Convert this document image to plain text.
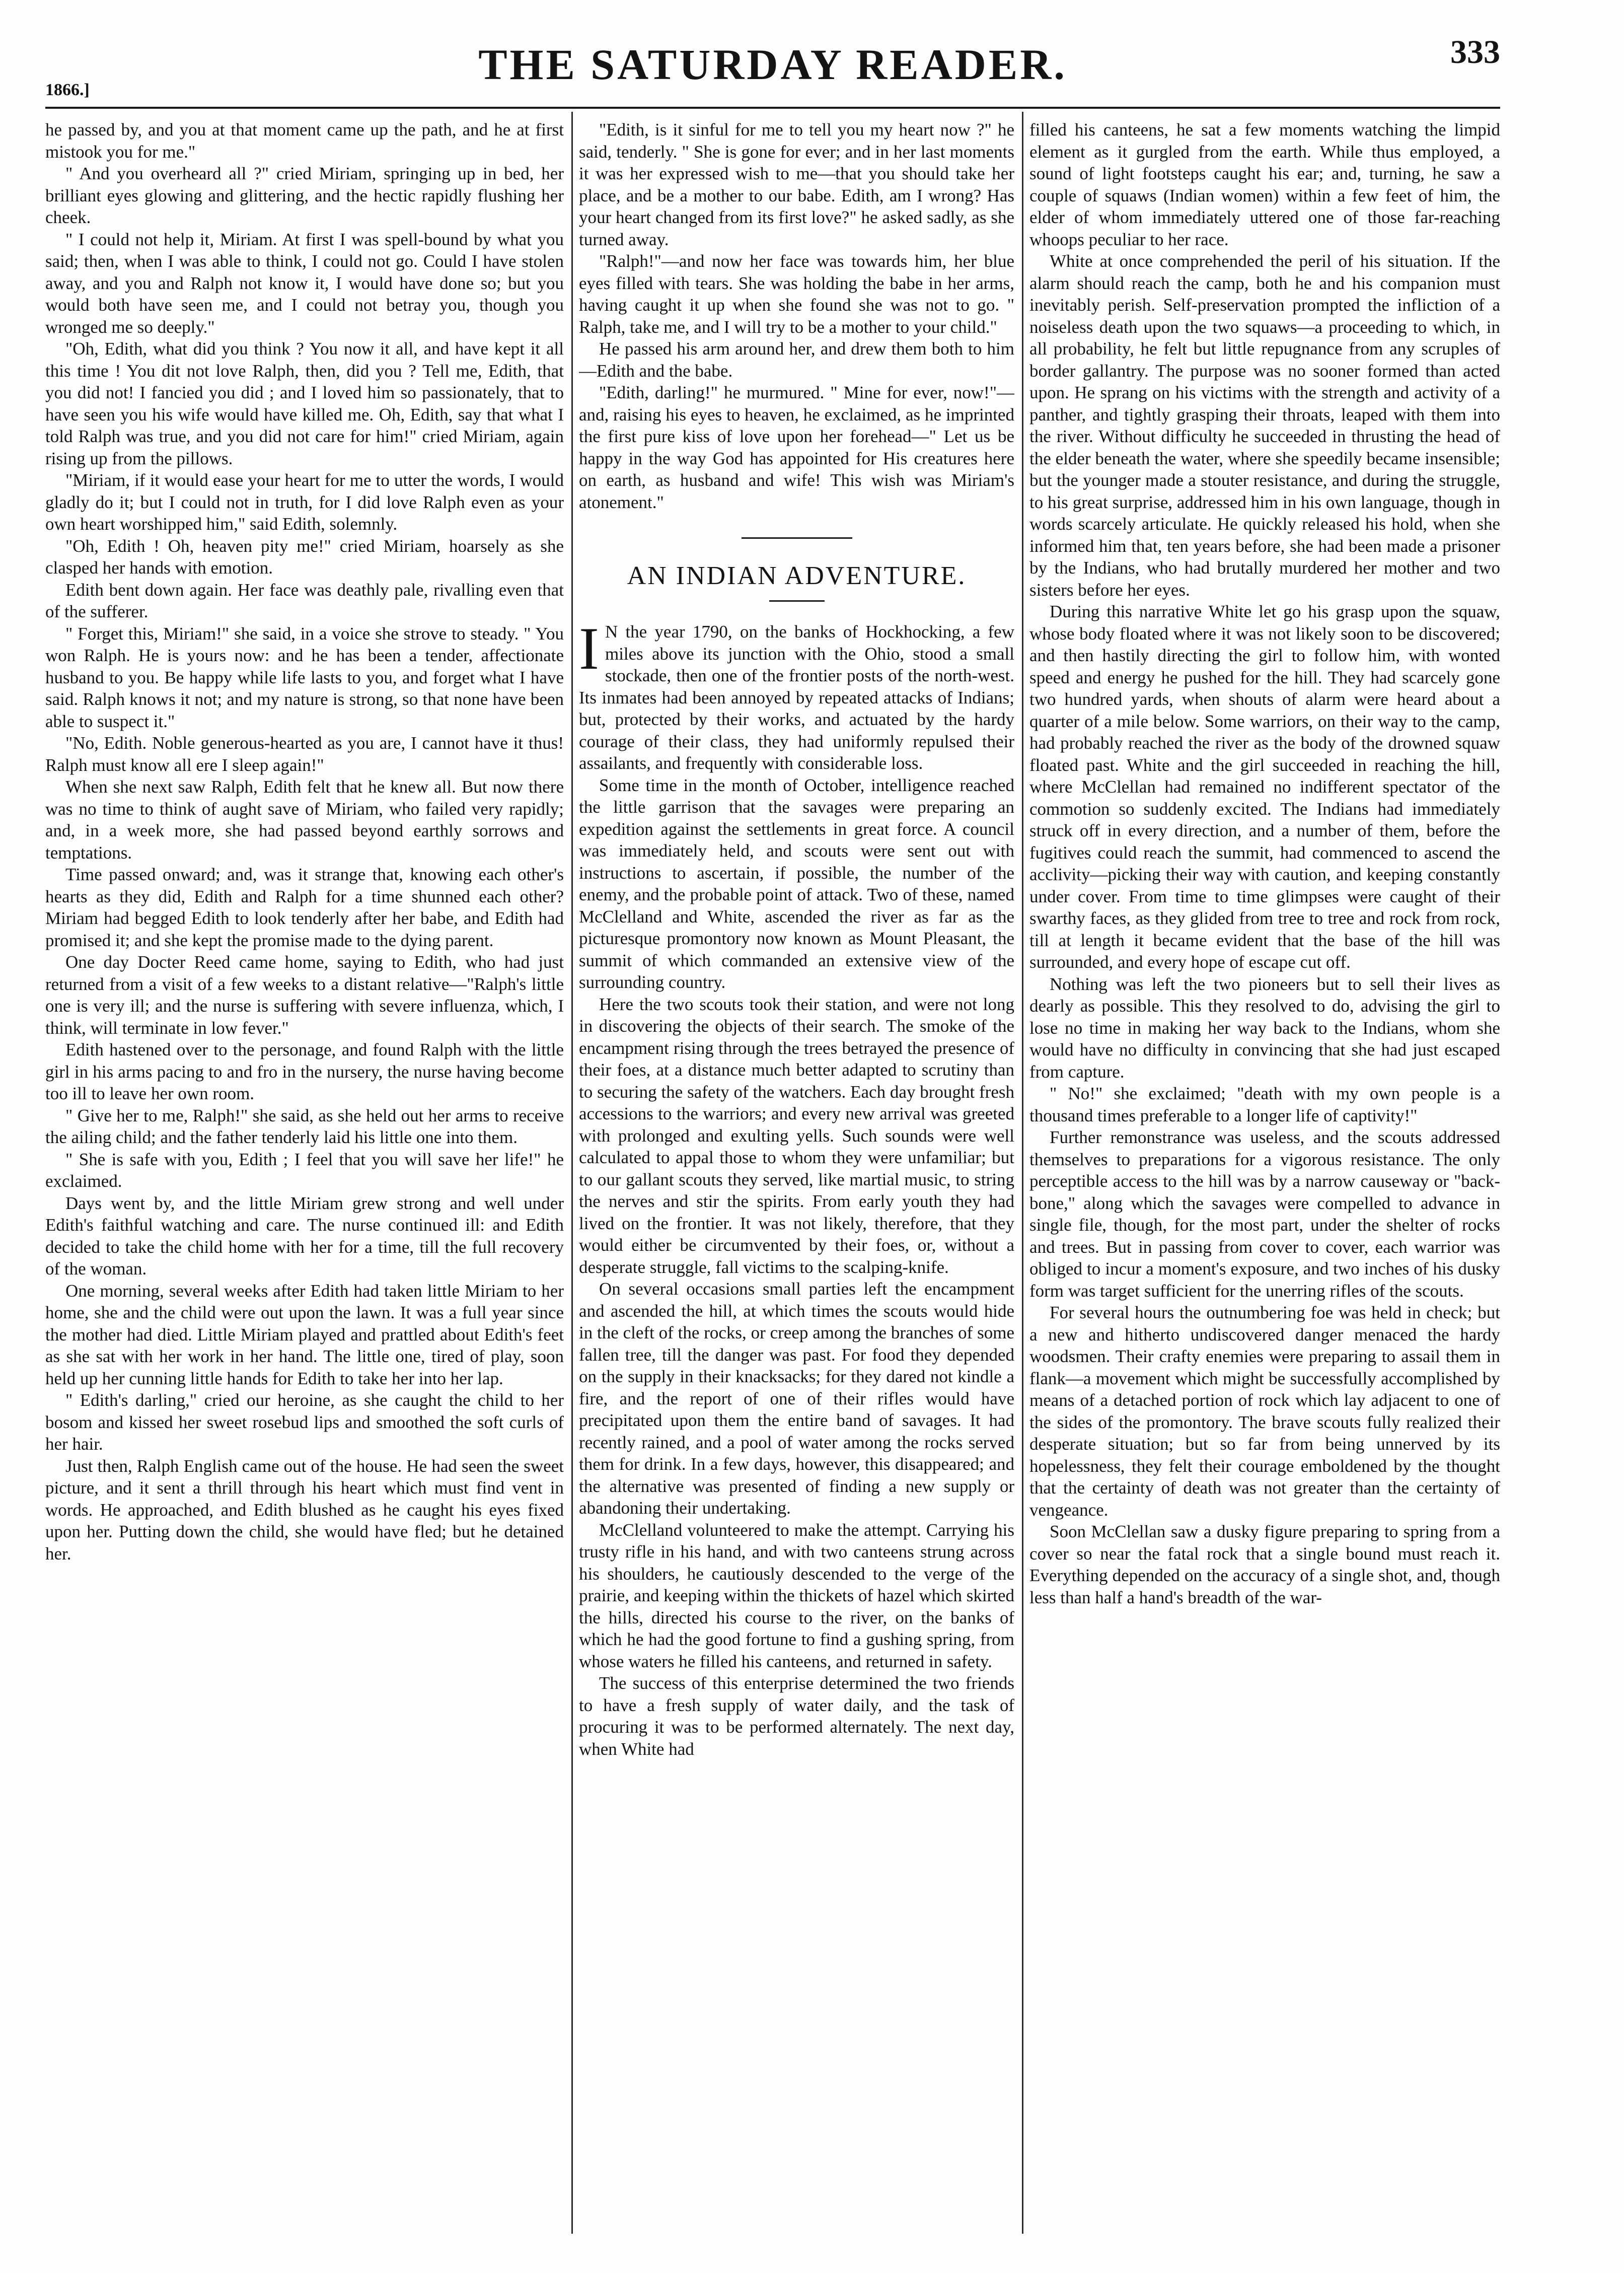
1866.]
THE SATURDAY READER.	333

he passed by, and you at that moment came up the path, and he at first mistook you for me."

" And you overheard all ?" cried Miriam, springing up in bed, her brilliant eyes glowing and glittering, and the hectic rapidly flushing her cheek.

" I could not help it, Miriam. At first I was spell-bound by what you said; then, when I was able to think, I could not go. Could I have stolen away, and you and Ralph not know it, I would have done so; but you would both have seen me, and I could not betray you, though you wronged me so deeply."

"Oh, Edith, what did you think ? You now it all, and have kept it all this time ! You dit not love Ralph, then, did you ? Tell me, Edith, that you did not! I fancied you did ; and I loved him so passionately, that to have seen you his wife would have killed me. Oh, Edith, say that what I told Ralph was true, and you did not care for him!" cried Miriam, again rising up from the pillows.

"Miriam, if it would ease your heart for me to utter the words, I would gladly do it; but I could not in truth, for I did love Ralph even as your own heart worshipped him," said Edith, solemnly.

"Oh, Edith ! Oh, heaven pity me!" cried Miriam, hoarsely as she clasped her hands with emotion.

Edith bent down again. Her face was deathly pale, rivalling even that of the sufferer.

" Forget this, Miriam!" she said, in a voice she strove to steady. " You won Ralph. He is yours now: and he has been a tender, affectionate husband to you. Be happy while life lasts to you, and forget what I have said. Ralph knows it not; and my nature is strong, so that none have been able to suspect it."

"No, Edith. Noble generous-hearted as you are, I cannot have it thus! Ralph must know all ere I sleep again!"

When she next saw Ralph, Edith felt that he knew all. But now there was no time to think of aught save of Miriam, who failed very rapidly; and, in a week more, she had passed beyond earthly sorrows and temptations.

Time passed onward; and, was it strange that, knowing each other's hearts as they did, Edith and Ralph for a time shunned each other? Miriam had begged Edith to look tenderly after her babe, and Edith had promised it; and she kept the promise made to the dying parent.

One day Docter Reed came home, saying to Edith, who had just returned from a visit of a few weeks to a distant relative—"Ralph's little one is very ill; and the nurse is suffering with severe influenza, which, I think, will terminate in low fever."

Edith hastened over to the personage, and found Ralph with the little girl in his arms pacing to and fro in the nursery, the nurse having become too ill to leave her own room.

" Give her to me, Ralph!" she said, as she held out her arms to receive the ailing child; and the father tenderly laid his little one into them.

" She is safe with you, Edith ; I feel that you will save her life!" he exclaimed.

Days went by, and the little Miriam grew strong and well under Edith's faithful watching and care. The nurse continued ill: and Edith decided to take the child home with her for a time, till the full recovery of the woman.

One morning, several weeks after Edith had taken little Miriam to her home, she and the child were out upon the lawn. It was a full year since the mother had died. Little Miriam played and prattled about Edith's feet as she sat with her work in her hand. The little one, tired of play, soon held up her cunning little hands for Edith to take her into her lap.

" Edith's darling," cried our heroine, as she caught the child to her bosom and kissed her sweet rosebud lips and smoothed the soft curls of her hair.

Just then, Ralph English came out of the house. He had seen the sweet picture, and it sent a thrill through his heart which must find vent in words. He approached, and Edith blushed as he caught his eyes fixed upon her. Putting down the child, she would have fled; but he detained her.

"Edith, is it sinful for me to tell you my heart now ?" he said, tenderly. " She is gone for ever; and in her last moments it was her expressed wish to me—that you should take her place, and be a mother to our babe. Edith, am I wrong? Has your heart changed from its first love?" he asked sadly, as she turned away.

"Ralph!"—and now her face was towards him, her blue eyes filled with tears. She was holding the babe in her arms, having caught it up when she found she was not to go. " Ralph, take me, and I will try to be a mother to your child."

He passed his arm around her, and drew them both to him—Edith and the babe.

"Edith, darling!" he murmured. " Mine for ever, now!"—and, raising his eyes to heaven, he exclaimed, as he imprinted the first pure kiss of love upon her forehead—" Let us be happy in the way God has appointed for His creatures here on earth, as husband and wife! This wish was Miriam's atonement."

AN INDIAN ADVENTURE.

I N the year 1790, on the banks of Hockhocking, a few miles above its junction with the Ohio, stood a small stockade, then one of the frontier posts of the north-west. Its inmates had been annoyed by repeated attacks of Indians; but, protected by their works, and actuated by the hardy courage of their class, they had uniformly repulsed their assailants, and frequently with considerable loss.

Some time in the month of October, intelligence reached the little garrison that the savages were preparing an expedition against the settlements in great force. A council was immediately held, and scouts were sent out with instructions to ascertain, if possible, the number of the enemy, and the probable point of attack. Two of these, named McClelland and White, ascended the river as far as the picturesque promontory now known as Mount Pleasant, the summit of which commanded an extensive view of the surrounding country.

Here the two scouts took their station, and were not long in discovering the objects of their search. The smoke of the encampment rising through the trees betrayed the presence of their foes, at a distance much better adapted to scrutiny than to securing the safety of the watchers. Each day brought fresh accessions to the warriors; and every new arrival was greeted with prolonged and exulting yells. Such sounds were well calculated to appal those to whom they were unfamiliar; but to our gallant scouts they served, like martial music, to string the nerves and stir the spirits. From early youth they had lived on the frontier. It was not likely, therefore, that they would either be circumvented by their foes, or, without a desperate struggle, fall victims to the scalping-knife.

On several occasions small parties left the encampment and ascended the hill, at which times the scouts would hide in the cleft of the rocks, or creep among the branches of some fallen tree, till the danger was past. For food they depended on the supply in their knacksacks; for they dared not kindle a fire, and the report of one of their rifles would have precipitated upon them the entire band of savages. It had recently rained, and a pool of water among the rocks served them for drink. In a few days, however, this disappeared; and the alternative was presented of finding a new supply or abandoning their undertaking.

McClelland volunteered to make the attempt. Carrying his trusty rifle in his hand, and with two canteens strung across his shoulders, he cautiously descended to the verge of the prairie, and keeping within the thickets of hazel which skirted the hills, directed his course to the river, on the banks of which he had the good fortune to find a gushing spring, from whose waters he filled his canteens, and returned in safety.

The success of this enterprise determined the two friends to have a fresh supply of water daily, and the task of procuring it was to be performed alternately. The next day, when White had

filled his canteens, he sat a few moments watching the limpid element as it gurgled from the earth. While thus employed, a sound of light footsteps caught his ear; and, turning, he saw a couple of squaws (Indian women) within a few feet of him, the elder of whom immediately uttered one of those far-reaching whoops peculiar to her race.

White at once comprehended the peril of his situation. If the alarm should reach the camp, both he and his companion must inevitably perish. Self-preservation prompted the infliction of a noiseless death upon the two squaws—a proceeding to which, in all probability, he felt but little repugnance from any scruples of border gallantry. The purpose was no sooner formed than acted upon. He sprang on his victims with the strength and activity of a panther, and tightly grasping their throats, leaped with them into the river. Without difficulty he succeeded in thrusting the head of the elder beneath the water, where she speedily became insensible; but the younger made a stouter resistance, and during the struggle, to his great surprise, addressed him in his own language, though in words scarcely articulate. He quickly released his hold, when she informed him that, ten years before, she had been made a prisoner by the Indians, who had brutally murdered her mother and two sisters before her eyes.

During this narrative White let go his grasp upon the squaw, whose body floated where it was not likely soon to be discovered; and then hastily directing the girl to follow him, with wonted speed and energy he pushed for the hill. They had scarcely gone two hundred yards, when shouts of alarm were heard about a quarter of a mile below. Some warriors, on their way to the camp, had probably reached the river as the body of the drowned squaw floated past. White and the girl succeeded in reaching the hill, where McClellan had remained no indifferent spectator of the commotion so suddenly excited. The Indians had immediately struck off in every direction, and a number of them, before the fugitives could reach the summit, had commenced to ascend the acclivity—picking their way with caution, and keeping constantly under cover. From time to time glimpses were caught of their swarthy faces, as they glided from tree to tree and rock from rock, till at length it became evident that the base of the hill was surrounded, and every hope of escape cut off.

Nothing was left the two pioneers but to sell their lives as dearly as possible. This they resolved to do, advising the girl to lose no time in making her way back to the Indians, whom she would have no difficulty in convincing that she had just escaped from capture.

" No!" she exclaimed; "death with my own people is a thousand times preferable to a longer life of captivity!"

Further remonstrance was useless, and the scouts addressed themselves to preparations for a vigorous resistance. The only perceptible access to the hill was by a narrow causeway or "back-bone," along which the savages were compelled to advance in single file, though, for the most part, under the shelter of rocks and trees. But in passing from cover to cover, each warrior was obliged to incur a moment's exposure, and two inches of his dusky form was target sufficient for the unerring rifles of the scouts.

For several hours the outnumbering foe was held in check; but a new and hitherto undiscovered danger menaced the hardy woodsmen. Their crafty enemies were preparing to assail them in flank—a movement which might be successfully accomplished by means of a detached portion of rock which lay adjacent to one of the sides of the promontory. The brave scouts fully realized their desperate situation; but so far from being unnerved by its hopelessness, they felt their courage emboldened by the thought that the certainty of death was not greater than the certainty of vengeance.

Soon McClellan saw a dusky figure preparing to spring from a cover so near the fatal rock that a single bound must reach it. Everything depended on the accuracy of a single shot, and, though less than half a hand's breadth of the war-
